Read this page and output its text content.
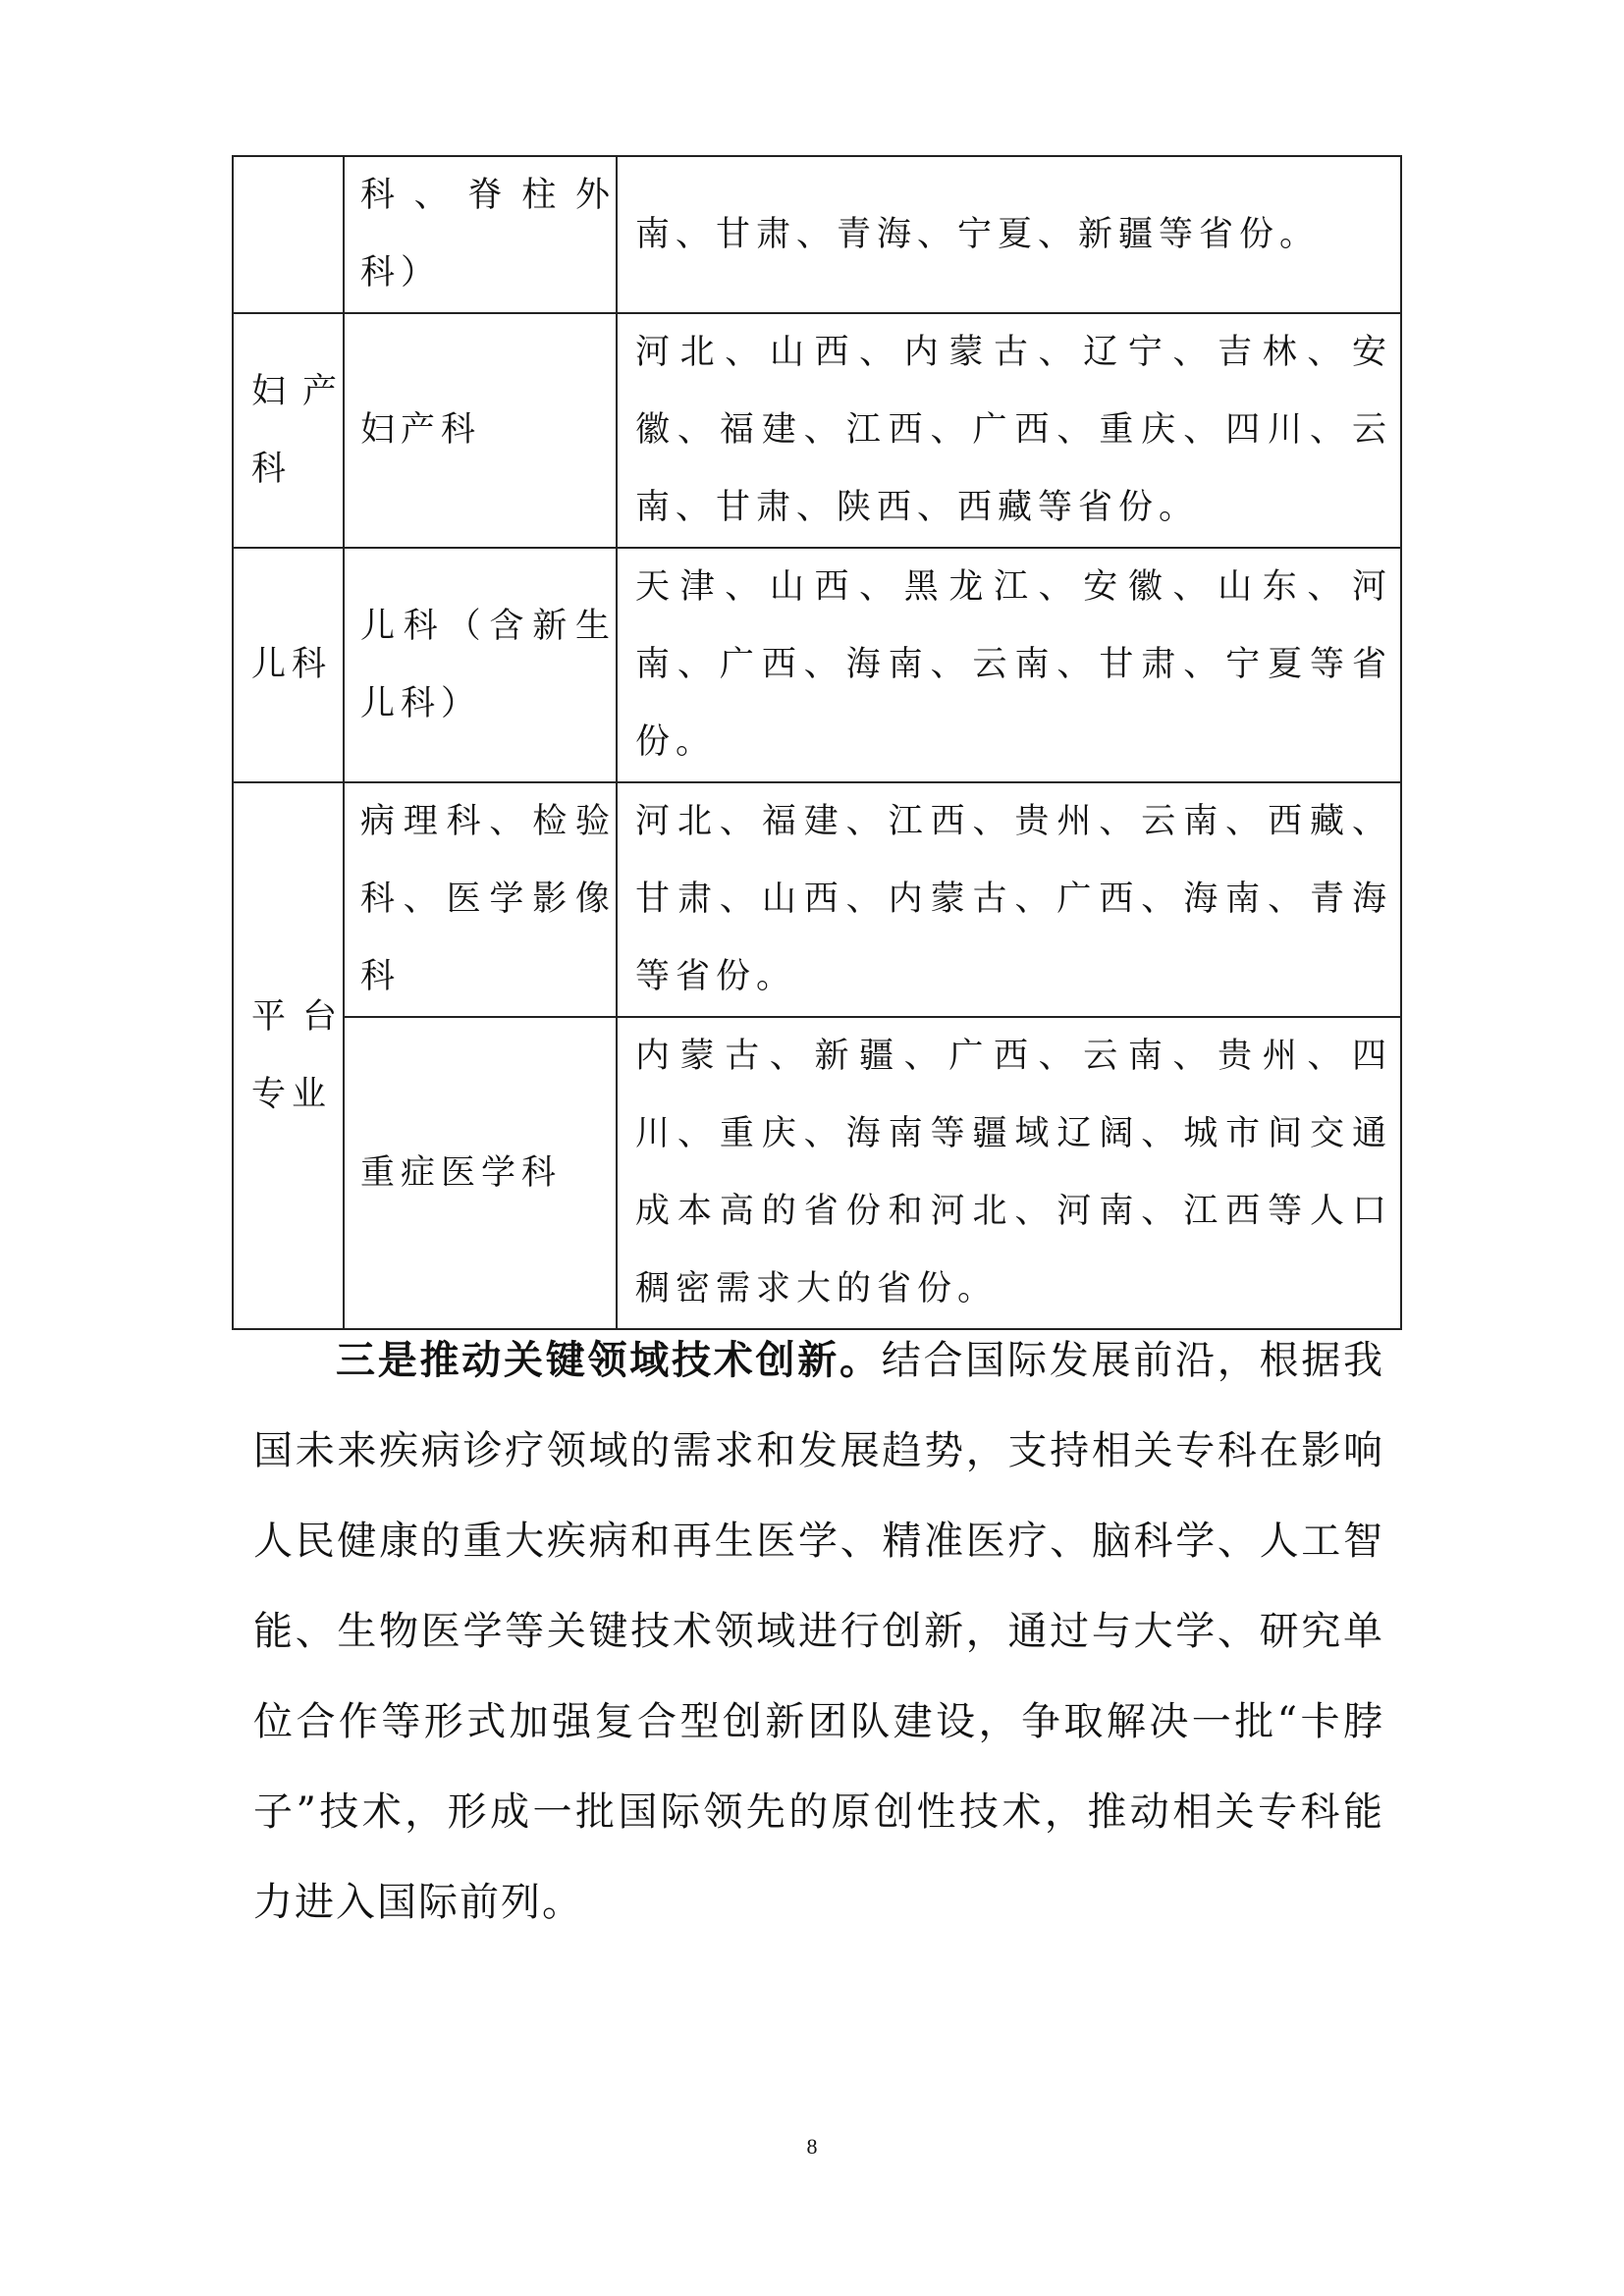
	科、脊柱外科）	南、甘肃、青海、宁夏、新疆等省份。
妇产科	妇产科	河北、山西、内蒙古、辽宁、吉林、安徽、福建、江西、广西、重庆、四川、云南、甘肃、陕西、西藏等省份。
儿科	儿科（含新生儿科）	天津、山西、黑龙江、安徽、山东、河南、广西、海南、云南、甘肃、宁夏等省份。
平台专业	病理科、检验科、医学影像科	河北、福建、江西、贵州、云南、西藏、甘肃、山西、内蒙古、广西、海南、青海等省份。
	重症医学科	内蒙古、新疆、广西、云南、贵州、四川、重庆、海南等疆域辽阔、城市间交通成本高的省份和河北、河南、江西等人口稠密需求大的省份。

三是推动关键领域技术创新。结合国际发展前沿，根据我国未来疾病诊疗领域的需求和发展趋势，支持相关专科在影响人民健康的重大疾病和再生医学、精准医疗、脑科学、人工智能、生物医学等关键技术领域进行创新，通过与大学、研究单位合作等形式加强复合型创新团队建设，争取解决一批“卡脖子”技术，形成一批国际领先的原创性技术，推动相关专科能力进入国际前列。

8
